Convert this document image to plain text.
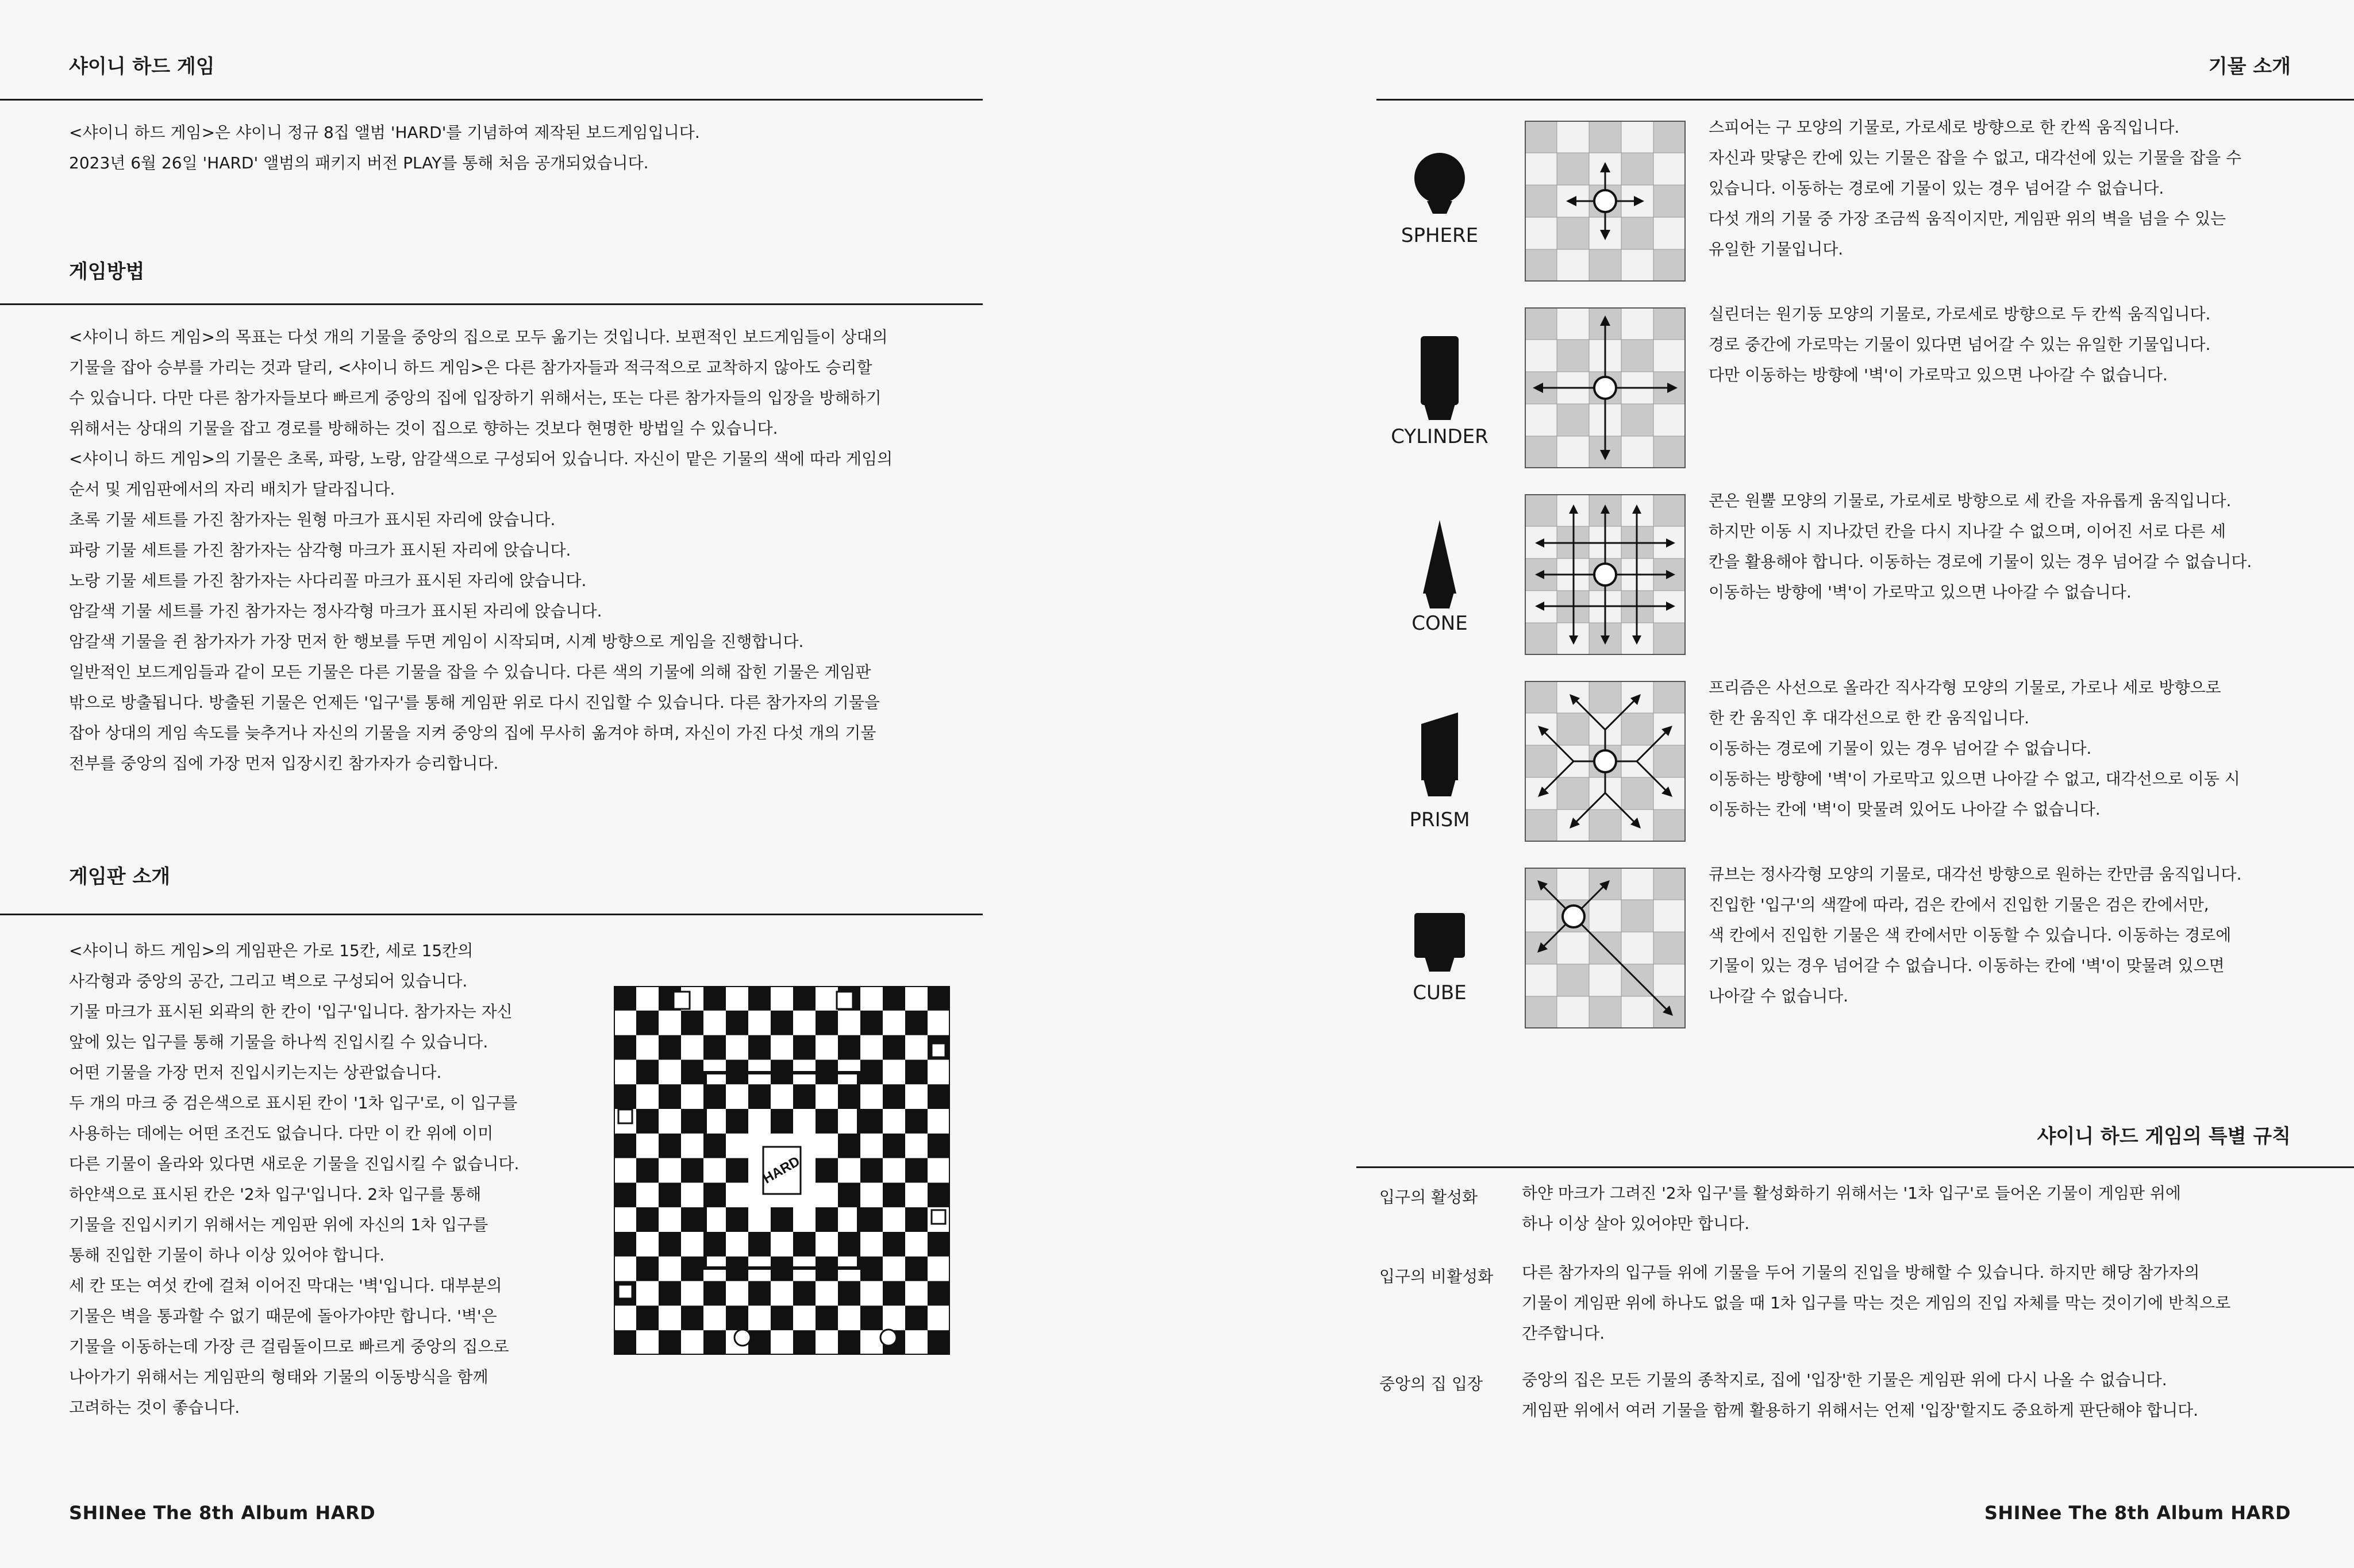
샤이니 하드 게임
<샤이니 하드 게임>은 샤이니 정규 8집 앨범 'HARD'를 기념하여 제작된 보드게임입니다.
2023년 6월 26일 'HARD' 앨범의 패키지 버전 PLAY를 통해 처음 공개되었습니다.
게임방법
<샤이니 하드 게임>의 목표는 다섯 개의 기물을 중앙의 집으로 모두 옮기는 것입니다. 보편적인 보드게임들이 상대의
기물을 잡아 승부를 가리는 것과 달리, <샤이니 하드 게임>은 다른 참가자들과 적극적으로 교착하지 않아도 승리할
수 있습니다. 다만 다른 참가자들보다 빠르게 중앙의 집에 입장하기 위해서는, 또는 다른 참가자들의 입장을 방해하기
위해서는 상대의 기물을 잡고 경로를 방해하는 것이 집으로 향하는 것보다 현명한 방법일 수 있습니다.
<샤이니 하드 게임>의 기물은 초록, 파랑, 노랑, 암갈색으로 구성되어 있습니다. 자신이 맡은 기물의 색에 따라 게임의
순서 및 게임판에서의 자리 배치가 달라집니다.
초록 기물 세트를 가진 참가자는 원형 마크가 표시된 자리에 앉습니다.
파랑 기물 세트를 가진 참가자는 삼각형 마크가 표시된 자리에 앉습니다.
노랑 기물 세트를 가진 참가자는 사다리꼴 마크가 표시된 자리에 앉습니다.
암갈색 기물 세트를 가진 참가자는 정사각형 마크가 표시된 자리에 앉습니다.
암갈색 기물을 쥔 참가자가 가장 먼저 한 행보를 두면 게임이 시작되며, 시계 방향으로 게임을 진행합니다.
일반적인 보드게임들과 같이 모든 기물은 다른 기물을 잡을 수 있습니다. 다른 색의 기물에 의해 잡힌 기물은 게임판
밖으로 방출됩니다. 방출된 기물은 언제든 '입구'를 통해 게임판 위로 다시 진입할 수 있습니다. 다른 참가자의 기물을
잡아 상대의 게임 속도를 늦추거나 자신의 기물을 지켜 중앙의 집에 무사히 옮겨야 하며, 자신이 가진 다섯 개의 기물
전부를 중앙의 집에 가장 먼저 입장시킨 참가자가 승리합니다.
게임판 소개
<샤이니 하드 게임>의 게임판은 가로 15칸, 세로 15칸의
사각형과 중앙의 공간, 그리고 벽으로 구성되어 있습니다.
기물 마크가 표시된 외곽의 한 칸이 '입구'입니다. 참가자는 자신
앞에 있는 입구를 통해 기물을 하나씩 진입시킬 수 있습니다.
어떤 기물을 가장 먼저 진입시키는지는 상관없습니다.
두 개의 마크 중 검은색으로 표시된 칸이 '1차 입구'로, 이 입구를
사용하는 데에는 어떤 조건도 없습니다. 다만 이 칸 위에 이미
다른 기물이 올라와 있다면 새로운 기물을 진입시킬 수 없습니다.
하얀색으로 표시된 칸은 '2차 입구'입니다. 2차 입구를 통해
기물을 진입시키기 위해서는 게임판 위에 자신의 1차 입구를
통해 진입한 기물이 하나 이상 있어야 합니다.
세 칸 또는 여섯 칸에 걸쳐 이어진 막대는 '벽'입니다. 대부분의
기물은 벽을 통과할 수 없기 때문에 돌아가야만 합니다. '벽'은
기물을 이동하는데 가장 큰 걸림돌이므로 빠르게 중앙의 집으로
나아가기 위해서는 게임판의 형태와 기물의 이동방식을 함께
고려하는 것이 좋습니다.
HARD
SHINee The 8th Album HARD
기물 소개
SPHERE
스피어는 구 모양의 기물로, 가로세로 방향으로 한 칸씩 움직입니다.
자신과 맞닿은 칸에 있는 기물은 잡을 수 없고, 대각선에 있는 기물을 잡을 수
있습니다. 이동하는 경로에 기물이 있는 경우 넘어갈 수 없습니다.
다섯 개의 기물 중 가장 조금씩 움직이지만, 게임판 위의 벽을 넘을 수 있는
유일한 기물입니다.
CYLINDER
실린더는 원기둥 모양의 기물로, 가로세로 방향으로 두 칸씩 움직입니다.
경로 중간에 가로막는 기물이 있다면 넘어갈 수 있는 유일한 기물입니다.
다만 이동하는 방향에 '벽'이 가로막고 있으면 나아갈 수 없습니다.
CONE
콘은 원뿔 모양의 기물로, 가로세로 방향으로 세 칸을 자유롭게 움직입니다.
하지만 이동 시 지나갔던 칸을 다시 지나갈 수 없으며, 이어진 서로 다른 세
칸을 활용해야 합니다. 이동하는 경로에 기물이 있는 경우 넘어갈 수 없습니다.
이동하는 방향에 '벽'이 가로막고 있으면 나아갈 수 없습니다.
PRISM
프리즘은 사선으로 올라간 직사각형 모양의 기물로, 가로나 세로 방향으로
한 칸 움직인 후 대각선으로 한 칸 움직입니다.
이동하는 경로에 기물이 있는 경우 넘어갈 수 없습니다.
이동하는 방향에 '벽'이 가로막고 있으면 나아갈 수 없고, 대각선으로 이동 시
이동하는 칸에 '벽'이 맞물려 있어도 나아갈 수 없습니다.
CUBE
큐브는 정사각형 모양의 기물로, 대각선 방향으로 원하는 칸만큼 움직입니다.
진입한 '입구'의 색깔에 따라, 검은 칸에서 진입한 기물은 검은 칸에서만,
색 칸에서 진입한 기물은 색 칸에서만 이동할 수 있습니다. 이동하는 경로에
기물이 있는 경우 넘어갈 수 없습니다. 이동하는 칸에 '벽'이 맞물려 있으면
나아갈 수 없습니다.
샤이니 하드 게임의 특별 규칙
입구의 활성화	하얀 마크가 그려진 '2차 입구'를 활성화하기 위해서는 '1차 입구'로 들어온 기물이 게임판 위에
하나 이상 살아 있어야만 합니다.
입구의 비활성화 다른 참가자의 입구들 위에 기물을 두어 기물의 진입을 방해할 수 있습니다. 하지만 해당 참가자의
기물이 게임판 위에 하나도 없을 때 1차 입구를 막는 것은 게임의 진입 자체를 막는 것이기에 반칙으로
간주합니다.
중앙의 집 입장 중앙의 집은 모든 기물의 종착지로, 집에 '입장'한 기물은 게임판 위에 다시 나올 수 없습니다.
게임판 위에서 여러 기물을 함께 활용하기 위해서는 언제 '입장'할지도 중요하게 판단해야 합니다.
SHINee The 8th Album HARD
